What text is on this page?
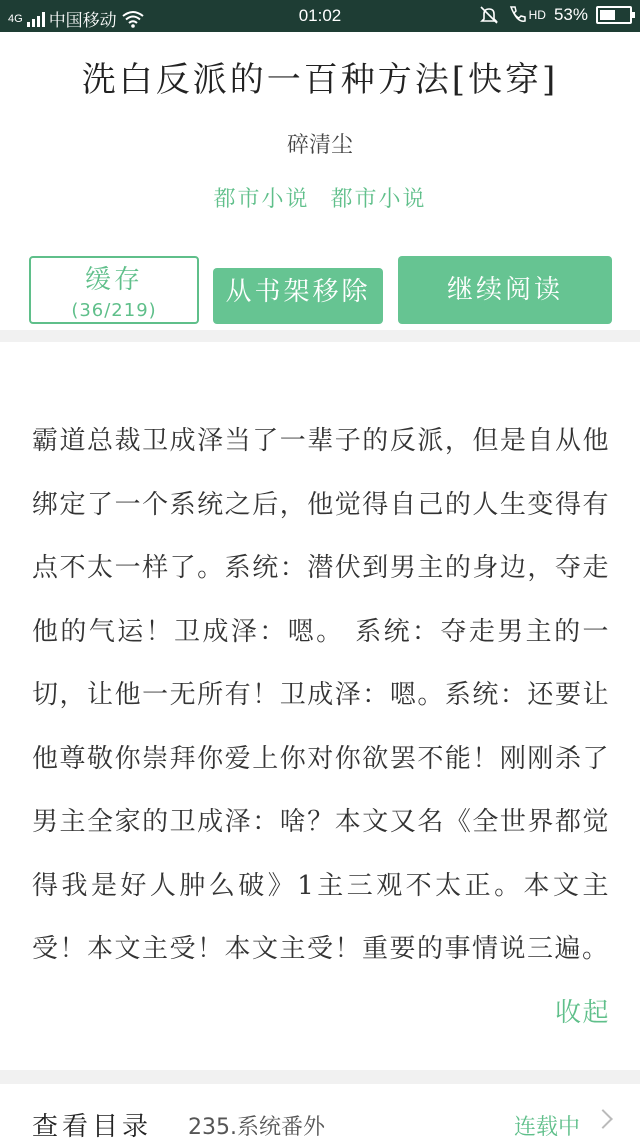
4G 中国移动	01:02	HD 53%
洗白反派的一百种方法[快穿]
碎清尘
都市小说 都市小说
缓存
(36/219)
从书架移除	继续阅读
霸道总裁卫成泽当了一辈子的反派，但是自从他绑定了一个系统之后，他觉得自己的人生变得有点不太一样了。系统：潜伏到男主的身边，夺走他的气运！卫成泽：嗯。 系统：夺走男主的一切，让他一无所有！卫成泽：嗯。系统：还要让他尊敬你崇拜你爱上你对你欲罢不能！刚刚杀了男主全家的卫成泽：啥？本文又名《全世界都觉得我是好人肿么破》1主三观不太正。本文主受！本文主受！本文主受！重要的事情说三遍。
收起
查看目录 235.系统番外	连载中
